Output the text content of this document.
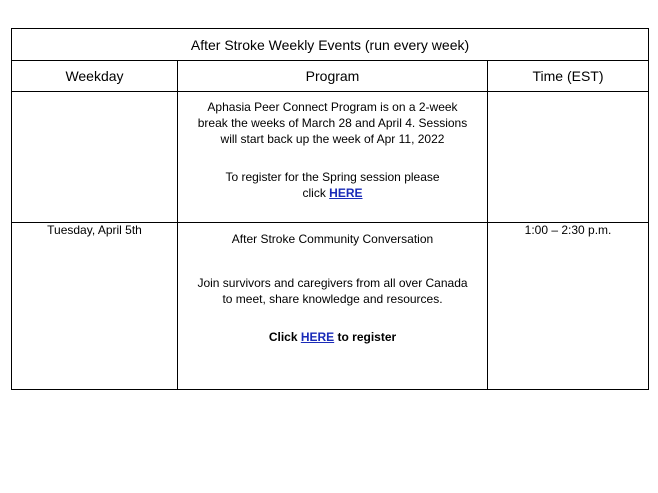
After Stroke Weekly Events (run every week)		
Weekday	Program	Time (EST)

	Aphasia Peer Connect Program is on a 2-week
break the weeks of March 28 and April 4. Sessions
will start back up the week of Apr 11, 2022

To register for the Spring session please
click HERE	

Tuesday, April 5th	After Stroke Community Conversation

Join survivors and caregivers from all over Canada
to meet, share knowledge and resources.

Click HERE to register	1:00 – 2:30 p.m.
